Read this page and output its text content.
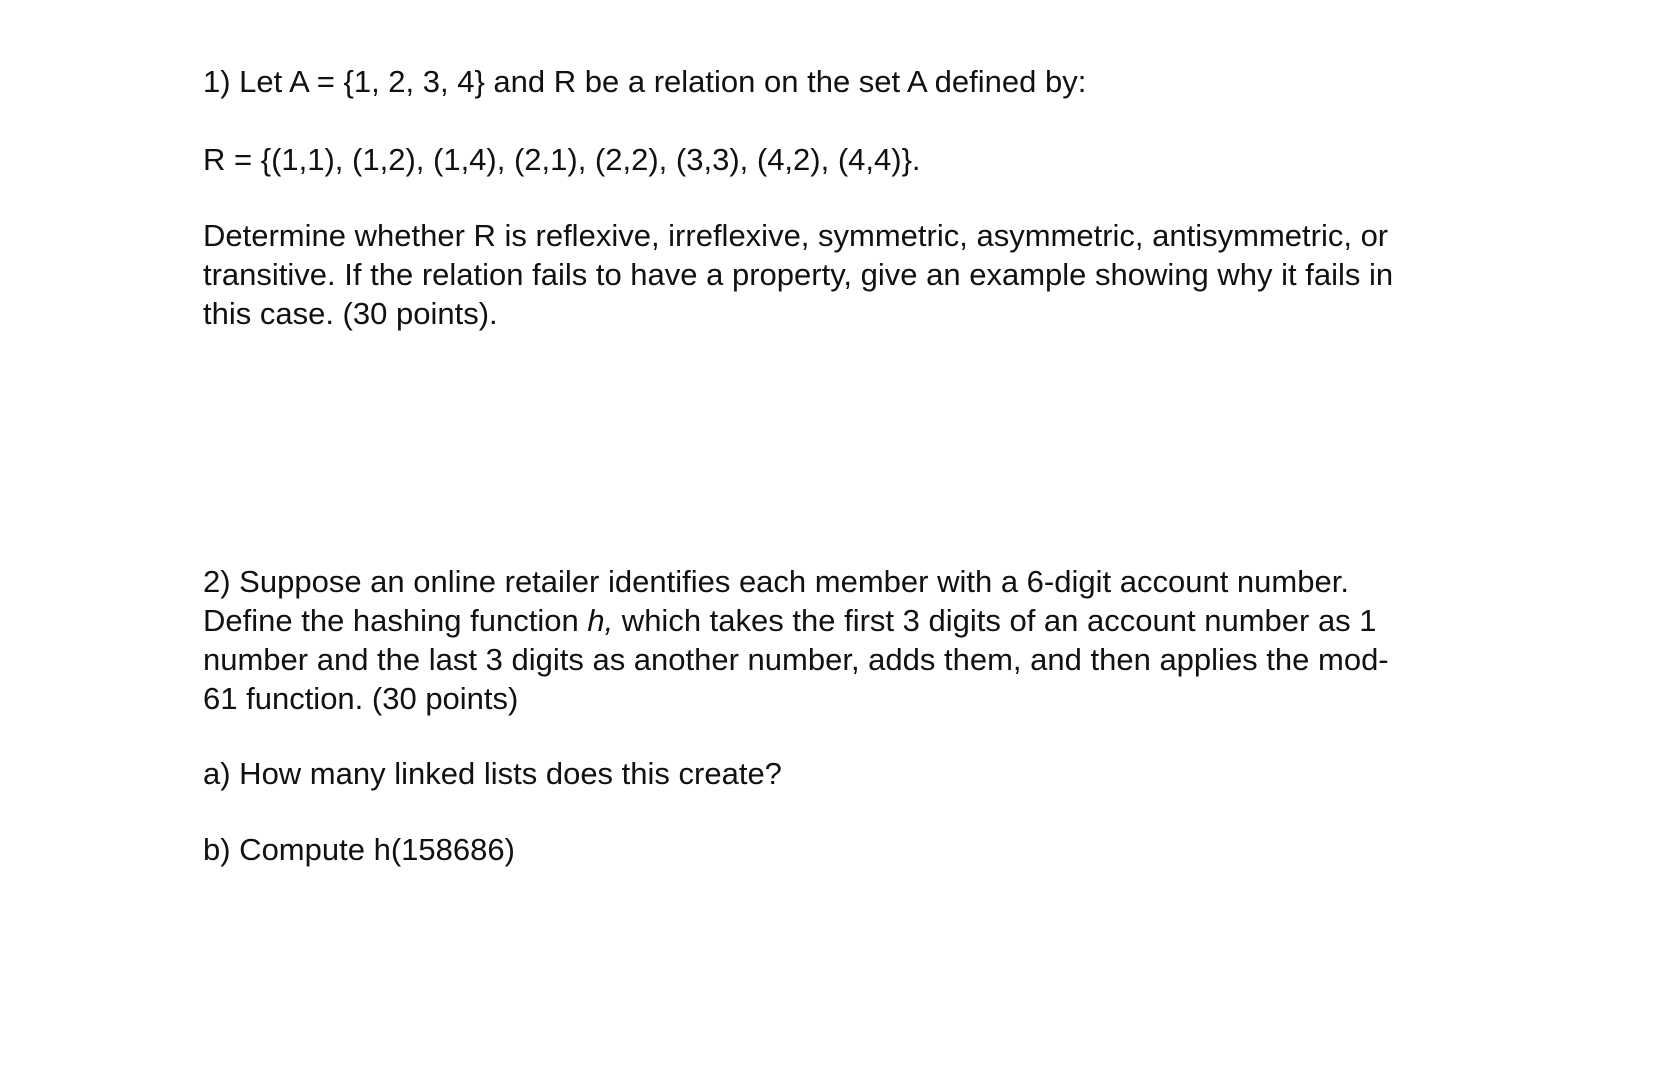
1) Let A = {1, 2, 3, 4} and R be a relation on the set A defined by:

R = {(1,1), (1,2), (1,4), (2,1), (2,2), (3,3), (4,2), (4,4)}.

Determine whether R is reflexive, irreflexive, symmetric, asymmetric, antisymmetric, or
transitive. If the relation fails to have a property, give an example showing why it fails in
this case. (30 points).

2) Suppose an online retailer identifies each member with a 6-digit account number.
Define the hashing function h, which takes the first 3 digits of an account number as 1
number and the last 3 digits as another number, adds them, and then applies the mod-
61 function. (30 points)

a) How many linked lists does this create?

b) Compute h(158686)
